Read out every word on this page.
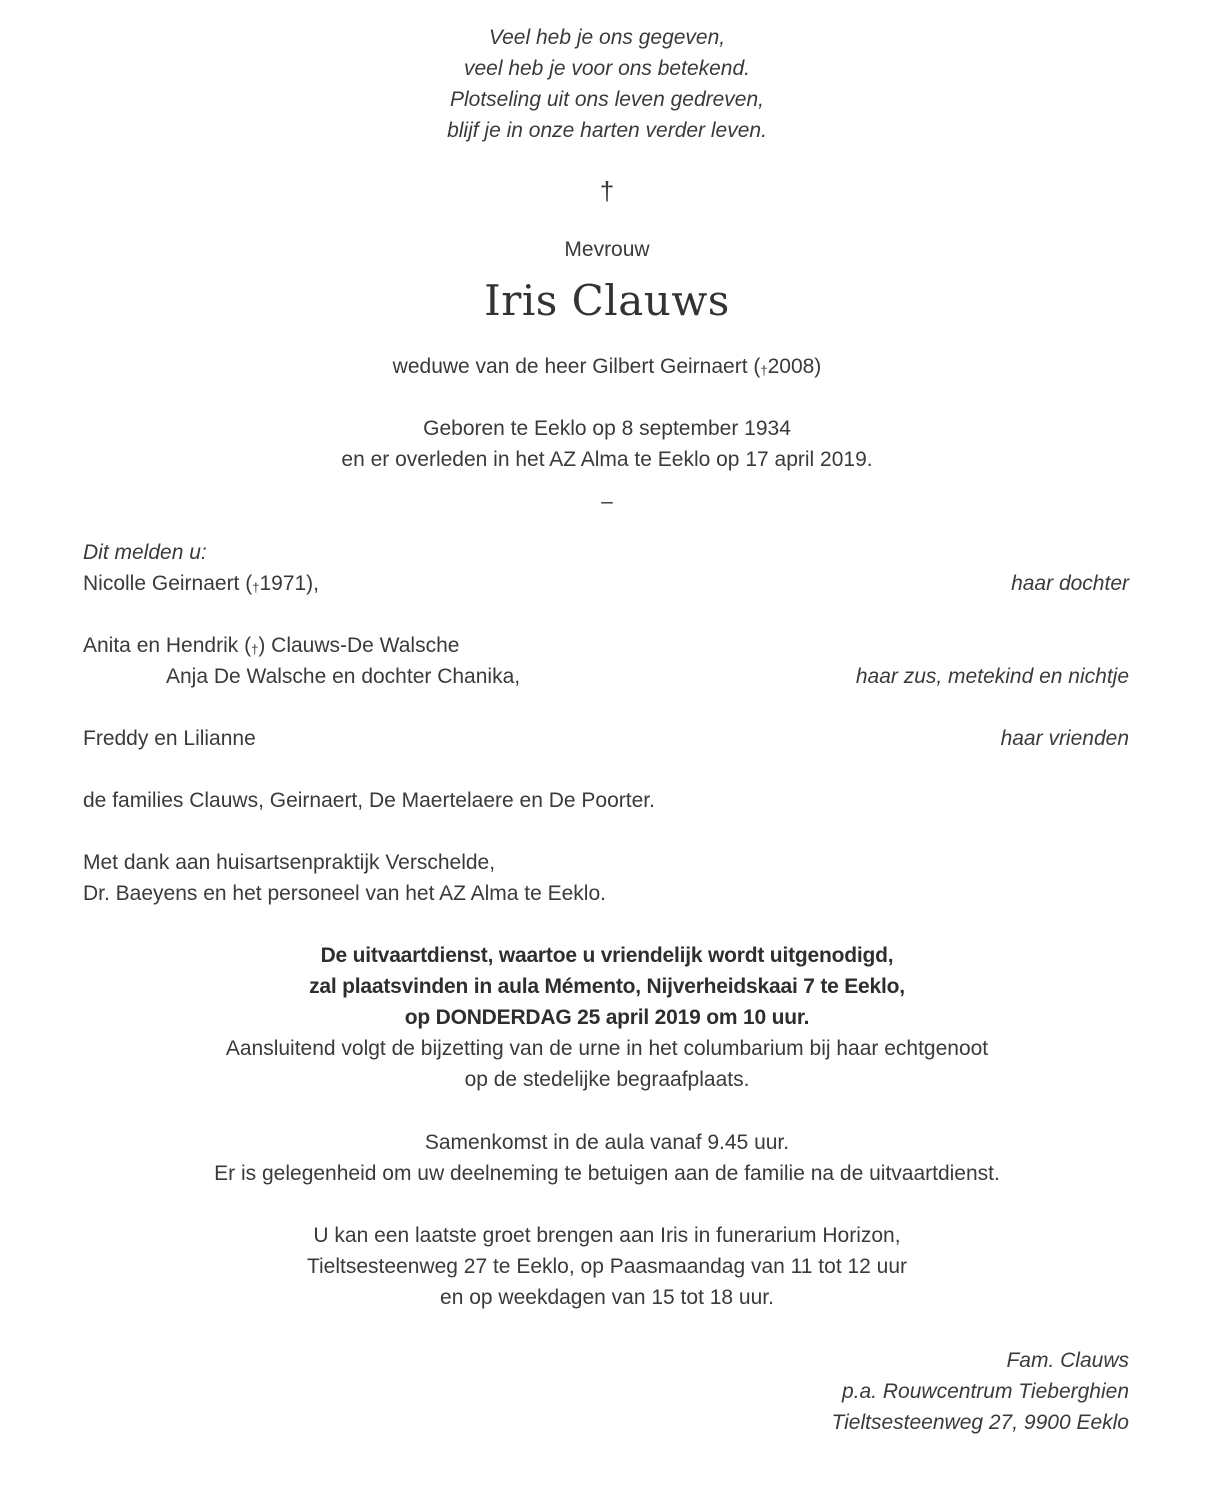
Veel heb je ons gegeven,
veel heb je voor ons betekend.
Plotseling uit ons leven gedreven,
blijf je in onze harten verder leven.
†
Mevrouw
Iris Clauws
weduwe van de heer Gilbert Geirnaert (†2008)
Geboren te Eeklo op 8 september 1934
en er overleden in het AZ Alma te Eeklo op 17 april 2019.
–
Dit melden u:
Nicolle Geirnaert (†1971),	haar dochter
Anita en Hendrik (†) Clauws-De Walsche
Anja De Walsche en dochter Chanika,	haar zus, metekind en nichtje
Freddy en Lilianne	haar vrienden
de families Clauws, Geirnaert, De Maertelaere en De Poorter.
Met dank aan huisartsenpraktijk Verschelde,
Dr. Baeyens en het personeel van het AZ Alma te Eeklo.
De uitvaartdienst, waartoe u vriendelijk wordt uitgenodigd,
zal plaatsvinden in aula Mémento, Nijverheidskaai 7 te Eeklo,
op DONDERDAG 25 april 2019 om 10 uur.
Aansluitend volgt de bijzetting van de urne in het columbarium bij haar echtgenoot
op de stedelijke begraafplaats.
Samenkomst in de aula vanaf 9.45 uur.
Er is gelegenheid om uw deelneming te betuigen aan de familie na de uitvaartdienst.
U kan een laatste groet brengen aan Iris in funerarium Horizon,
Tieltsesteenweg 27 te Eeklo, op Paasmaandag van 11 tot 12 uur
en op weekdagen van 15 tot 18 uur.
Fam. Clauws
p.a. Rouwcentrum Tieberghien
Tieltsesteenweg 27, 9900 Eeklo
